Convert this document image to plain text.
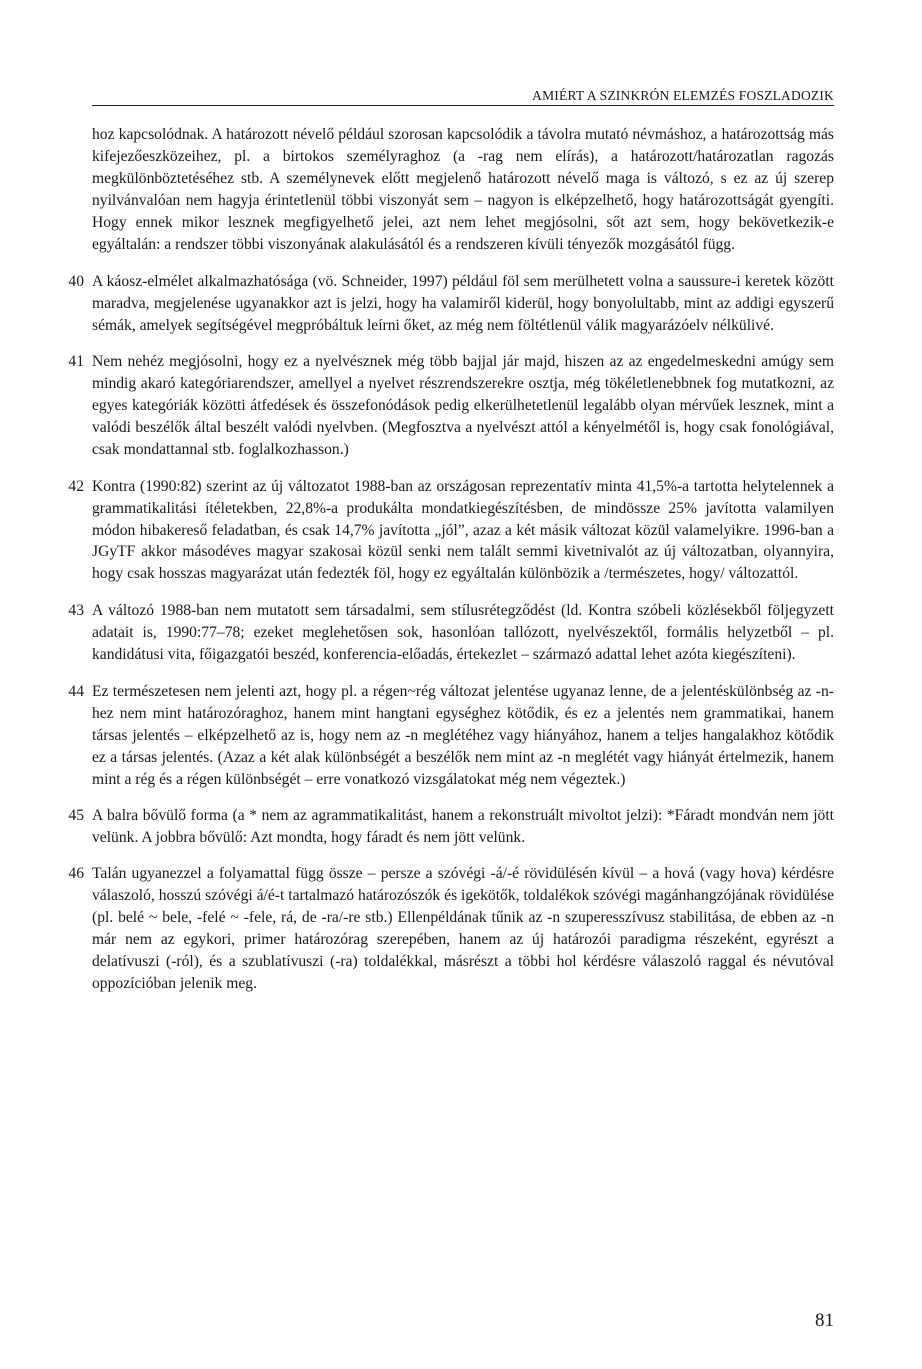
AMIÉRT A SZINKRÓN ELEMZÉS FOSZLADOZIK

hoz kapcsolódnak. A határozott névelő például szorosan kapcsolódik a távolra mutató névmáshoz, a határozottság más kifejezőeszközeihez, pl. a birtokos személyraghoz (a -rag nem elírás), a határozott/határozatlan ragozás megkülönböztetéséhez stb. A személynevek előtt megjelenő határozott névelő maga is változó, s ez az új szerep nyilvánvalóan nem hagyja érintetlenül többi viszonyát sem – nagyon is elképzelhető, hogy határozottságát gyengíti. Hogy ennek mikor lesznek megfigyelhető jelei, azt nem lehet megjósolni, sőt azt sem, hogy bekövetkezik-e egyáltalán: a rendszer többi viszonyának alakulásától és a rendszeren kívüli tényezők mozgásától függ.

40 A káosz-elmélet alkalmazhatósága (vö. Schneider, 1997) például föl sem merülhetett volna a saussure-i keretek között maradva, megjelenése ugyanakkor azt is jelzi, hogy ha valamiről kiderül, hogy bonyolultabb, mint az addigi egyszerű sémák, amelyek segítségével megpróbáltuk leírni őket, az még nem föltétlenül válik magyarázóelv nélkülivé.
41 Nem nehéz megjósolni, hogy ez a nyelvésznek még több bajjal jár majd, hiszen az az engedelmeskedni amúgy sem mindig akaró kategóriarendszer, amellyel a nyelvet részrendszerekre osztja, még tökéletlenebbnek fog mutatkozni, az egyes kategóriák közötti átfedések és összefonódások pedig elkerülhetetlenül legalább olyan mérvűek lesznek, mint a valódi beszélők által beszélt valódi nyelvben. (Megfosztva a nyelvészt attól a kényelmétől is, hogy csak fonológiával, csak mondattannal stb. foglalkozhasson.)
42 Kontra (1990:82) szerint az új változatot 1988-ban az országosan reprezentatív minta 41,5%-a tartotta helytelennek a grammatikalitási ítéletekben, 22,8%-a produkálta mondatkiegészítésben, de mindössze 25% javította valamilyen módon hibakereső feladatban, és csak 14,7% javította „jól”, azaz a két másik változat közül valamelyikre. 1996-ban a JGyTF akkor másodéves magyar szakosai közül senki nem talált semmi kivetnivalót az új változatban, olyannyira, hogy csak hosszas magyarázat után fedezték föl, hogy ez egyáltalán különbözik a /természetes, hogy/ változattól.
43 A változó 1988-ban nem mutatott sem társadalmi, sem stílusrétegződést (ld. Kontra szóbeli közlésekből följegyzett adatait is, 1990:77–78; ezeket meglehetősen sok, hasonlóan tallózott, nyelvészektől, formális helyzetből – pl. kandidátusi vita, főigazgatói beszéd, konferencia-előadás, értekezlet – származó adattal lehet azóta kiegészíteni).
44 Ez természetesen nem jelenti azt, hogy pl. a régen~rég változat jelentése ugyanaz lenne, de a jelentéskülönbség az -n-hez nem mint határozóraghoz, hanem mint hangtani egységhez kötődik, és ez a jelentés nem grammatikai, hanem társas jelentés – elképzelhető az is, hogy nem az -n meglétéhez vagy hiányához, hanem a teljes hangalakhoz kötődik ez a társas jelentés. (Azaz a két alak különbségét a beszélők nem mint az -n meglétét vagy hiányát értelmezik, hanem mint a rég és a régen különbségét – erre vonatkozó vizsgálatokat még nem végeztek.)
45 A balra bővülő forma (a * nem az agrammatikalitást, hanem a rekonstruált mivoltot jelzi): *Fáradt mondván nem jött velünk. A jobbra bővülő: Azt mondta, hogy fáradt és nem jött velünk.
46 Talán ugyanezzel a folyamattal függ össze – persze a szóvégi -á/-é rövidülésén kívül – a hová (vagy hova) kérdésre válaszoló, hosszú szóvégi á/é-t tartalmazó határozószók és igekötők, toldalékok szóvégi magánhangzójának rövidülése (pl. belé ~ bele, -felé ~ -fele, rá, de -ra/-re stb.) Ellenpéldának tűnik az -n szuperesszívusz stabilitása, de ebben az -n már nem az egykori, primer határozórag szerepében, hanem az új határozói paradigma részeként, egyrészt a delatívuszi (-ról), és a szublatívuszi (-ra) toldalékkal, másrészt a többi hol kérdésre válaszoló raggal és névutóval oppozícióban jelenik meg.
81
